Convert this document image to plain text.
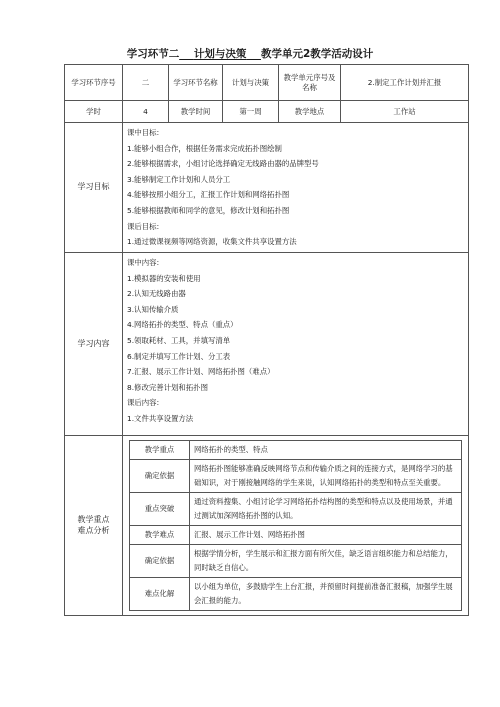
学习环节二 计划与决策 教学单元2教学活动设计
学习环节序号	二	学习环节名称	计划与决策	教学单元序号及名称	2.制定工作计划并汇报
学时	4	教学时间	第一周	教学地点	工作站
学习目标	
课中目标:
1.能够小组合作，根据任务需求完成拓扑图绘制
2.能够根据需求，小组讨论选择确定无线路由器的品牌型号
3.能够制定工作计划和人员分工
4.能够按照小组分工，汇报工作计划和网络拓扑图
5.能够根据教师和同学的意见，修改计划和拓扑图
课后目标:
1.通过微课视频等网络资源，收集文件共享设置方法

学习内容	
课中内容:
1.模拟器的安装和使用
2.认知无线路由器
3.认知传输介质
4.网络拓扑的类型、特点（重点）
5.领取耗材、工具，并填写清单
6.制定并填写工作计划、分工表
7.汇报、展示工作计划、网络拓扑图（难点）
8.修改完善计划和拓扑图
课后内容:
1.文件共享设置方法

教学重点
难点分析

教学重点	网络拓扑的类型、特点
确定依据	网络拓扑图能够准确反映网络节点和传输介质之间的连接方式，是网络学习的基础知识，对于刚接触网络的学生来说，认知网络拓扑的类型和特点至关重要。
重点突破	通过资料搜集、小组讨论学习网络拓扑结构图的类型和特点以及使用场景，并通过测试加深网络拓扑图的认知。
教学难点	汇报、展示工作计划、网络拓扑图
确定依据	根据学情分析，学生展示和汇报方面有所欠佳，缺乏语言组织能力和总结能力，同时缺乏自信心。
难点化解	以小组为单位，多鼓励学生上台汇报，并预留时间提前准备汇报稿，加强学生展会汇报的能力。
